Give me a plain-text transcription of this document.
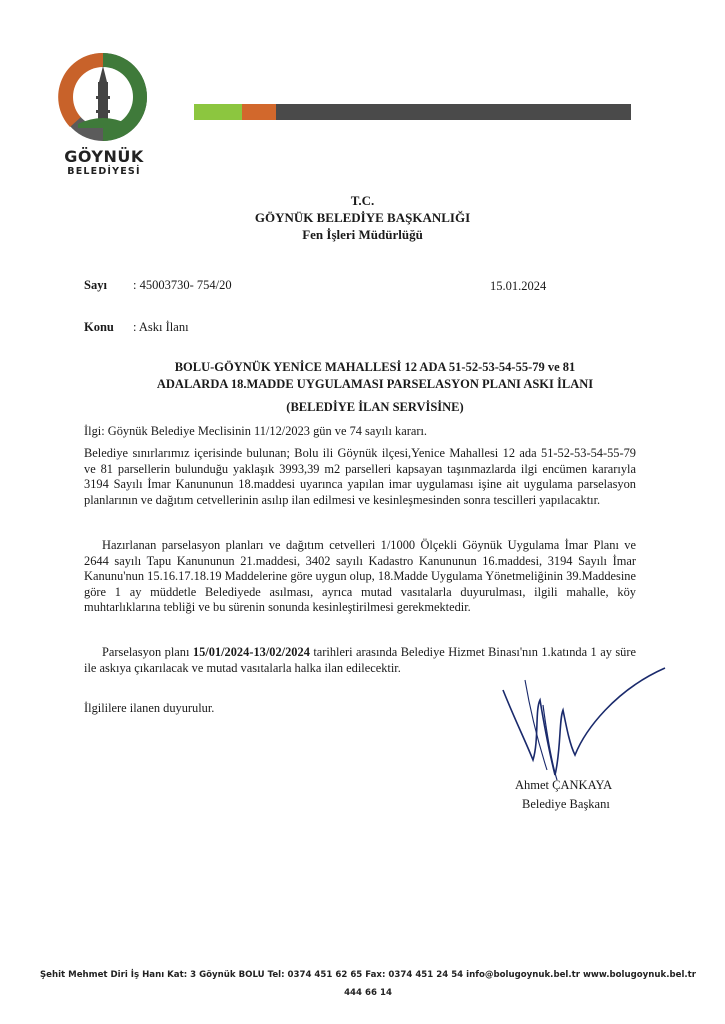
GÖYNÜK
BELEDİYESİ
T.C.
GÖYNÜK BELEDİYE BAŞKANLIĞI
Fen İşleri Müdürlüğü
Sayı : 45003730- 754/20	15.01.2024
Konu : Askı İlanı
BOLU-GÖYNÜK YENİCE MAHALLESİ 12 ADA 51-52-53-54-55-79 ve 81
ADALARDA 18.MADDE UYGULAMASI PARSELASYON PLANI ASKI İLANI
(BELEDİYE İLAN SERVİSİNE)

İlgi: Göynük Belediye Meclisinin 11/12/2023 gün ve 74 sayılı kararı.

Belediye sınırlarımız içerisinde bulunan; Bolu ili Göynük ilçesi,Yenice Mahallesi 12 ada 51-52-53-54-55-79 ve 81 parsellerin bulunduğu yaklaşık 3993,39 m2 parselleri kapsayan taşınmazlarda ilgi encümen kararıyla 3194 Sayılı İmar Kanununun 18.maddesi uyarınca yapılan imar uygulaması işine ait uygulama parselasyon planlarının ve dağıtım cetvellerinin asılıp ilan edilmesi ve kesinleşmesinden sonra tescilleri yapılacaktır.

Hazırlanan parselasyon planları ve dağıtım cetvelleri 1/1000 Ölçekli Göynük Uygulama İmar Planı ve 2644 sayılı Tapu Kanununun 21.maddesi, 3402 sayılı Kadastro Kanununun 16.maddesi, 3194 Sayılı İmar Kanunu'nun 15.16.17.18.19 Maddelerine göre uygun olup, 18.Madde Uygulama Yönetmeliğinin 39.Maddesine göre 1 ay müddetle Belediyede asılması, ayrıca mutad vasıtalarla duyurulması, ilgili mahalle, köy muhtarlıklarına tebliği ve bu sürenin sonunda kesinleştirilmesi gerekmektedir.

Parselasyon planı 15/01/2024-13/02/2024 tarihleri arasında Belediye Hizmet Binası'nın 1.katında 1 ay süre ile askıya çıkarılacak ve mutad vasıtalarla halka ilan edilecektir.

İlgililere ilanen duyurulur.

Ahmet ÇANKAYA
Belediye Başkanı
Şehit Mehmet Diri İş Hanı Kat: 3 Göynük BOLU Tel: 0374 451 62 65 Fax: 0374 451 24 54 info@bolugoynuk.bel.tr www.bolugoynuk.bel.tr
444 66 14
